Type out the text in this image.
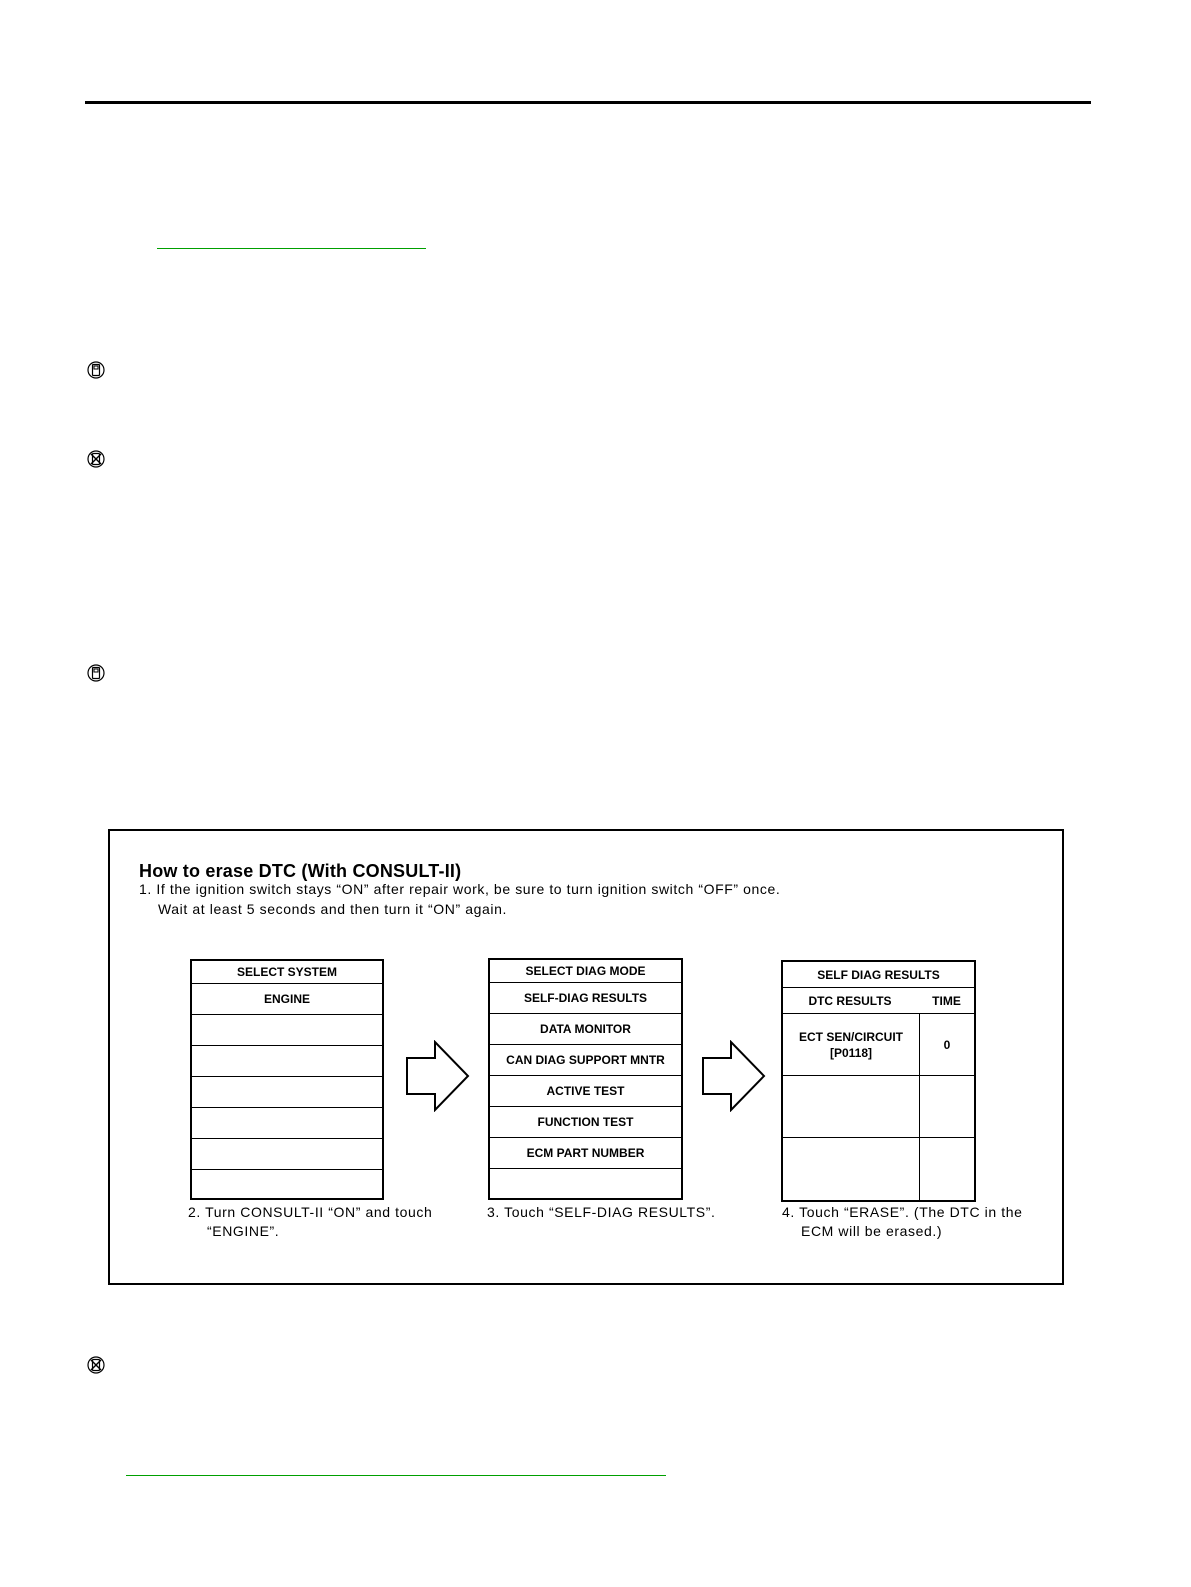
How to erase DTC (With CONSULT-II)
1. If the ignition switch stays “ON” after repair work, be sure to turn ignition switch “OFF” once.
Wait at least 5 seconds and then turn it “ON” again.
SELECT SYSTEM
ENGINE
SELECT DIAG MODE
SELF-DIAG RESULTS
DATA MONITOR
CAN DIAG SUPPORT MNTR
ACTIVE TEST
FUNCTION TEST
ECM PART NUMBER
SELF DIAG RESULTS
DTC RESULTS	TIME
ECT SEN/CIRCUIT
[P0118]
0
2. Turn CONSULT-II “ON” and touch
“ENGINE”.
3. Touch “SELF-DIAG RESULTS”.	4. Touch “ERASE”. (The DTC in the
ECM will be erased.)
